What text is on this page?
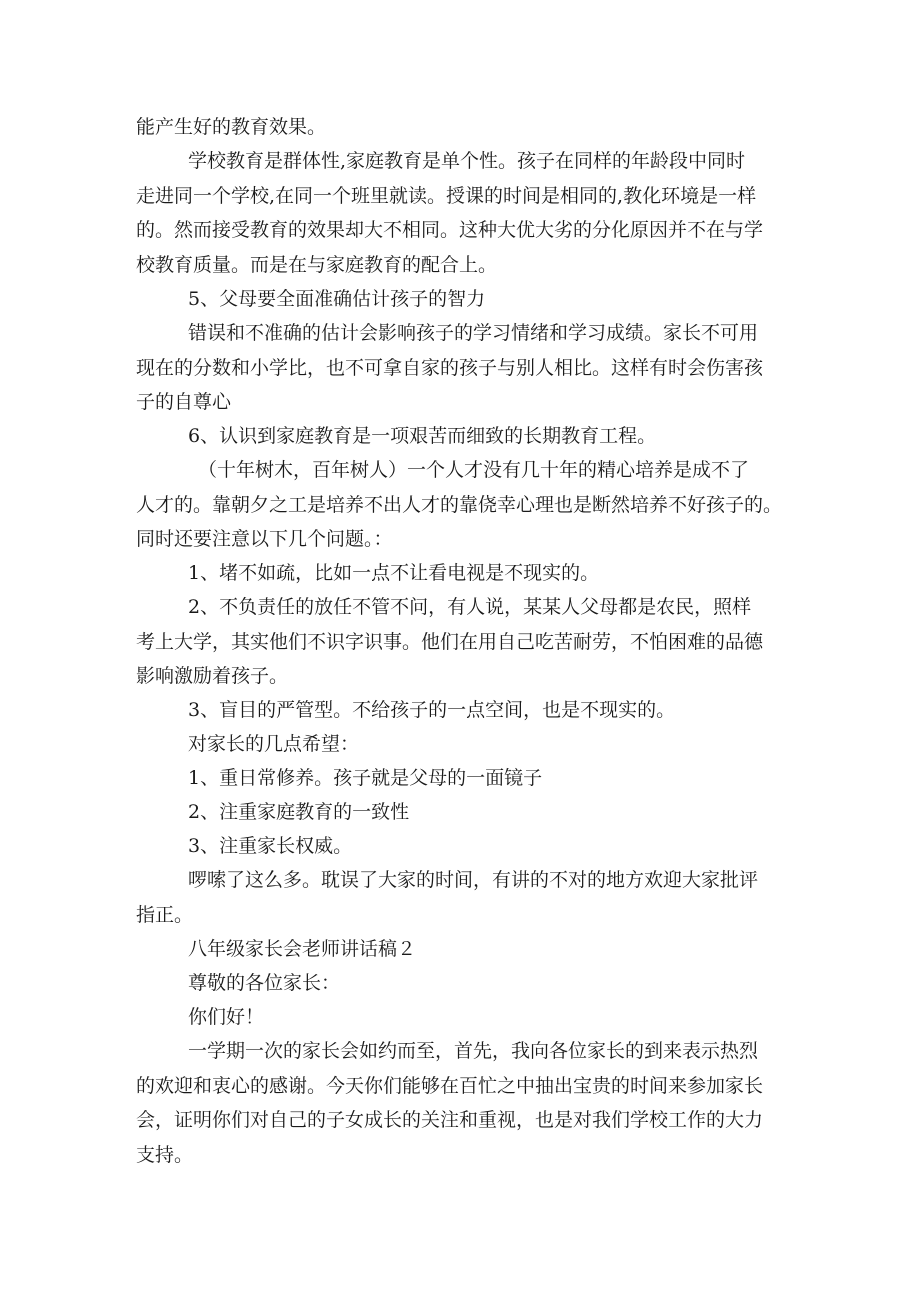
能产生好的教育效果。
学校教育是群体性,家庭教育是单个性。孩子在同样的年龄段中同时
走进同一个学校,在同一个班里就读。授课的时间是相同的,教化环境是一样
的。然而接受教育的效果却大不相同。这种大优大劣的分化原因并不在与学
校教育质量。而是在与家庭教育的配合上。
5、父母要全面准确估计孩子的智力
错误和不准确的估计会影响孩子的学习情绪和学习成绩。家长不可用
现在的分数和小学比，也不可拿自家的孩子与别人相比。这样有时会伤害孩
子的自尊心
6、认识到家庭教育是一项艰苦而细致的长期教育工程。
（十年树木，百年树人）一个人才没有几十年的精心培养是成不了
人才的。靠朝夕之工是培养不出人才的靠侥幸心理也是断然培养不好孩子的。
同时还要注意以下几个问题。：
1、堵不如疏，比如一点不让看电视是不现实的。
2、不负责任的放任不管不问，有人说，某某人父母都是农民，照样
考上大学，其实他们不识字识事。他们在用自己吃苦耐劳，不怕困难的品德
影响激励着孩子。
3、盲目的严管型。不给孩子的一点空间，也是不现实的。
对家长的几点希望：
1、重日常修养。孩子就是父母的一面镜子
2、注重家庭教育的一致性
3、注重家长权威。
啰嗦了这么多。耽误了大家的时间，有讲的不对的地方欢迎大家批评
指正。
八年级家长会老师讲话稿２
尊敬的各位家长：
你们好！
一学期一次的家长会如约而至，首先，我向各位家长的到来表示热烈
的欢迎和衷心的感谢。今天你们能够在百忙之中抽出宝贵的时间来参加家长
会，证明你们对自己的子女成长的关注和重视，也是对我们学校工作的大力
支持。
